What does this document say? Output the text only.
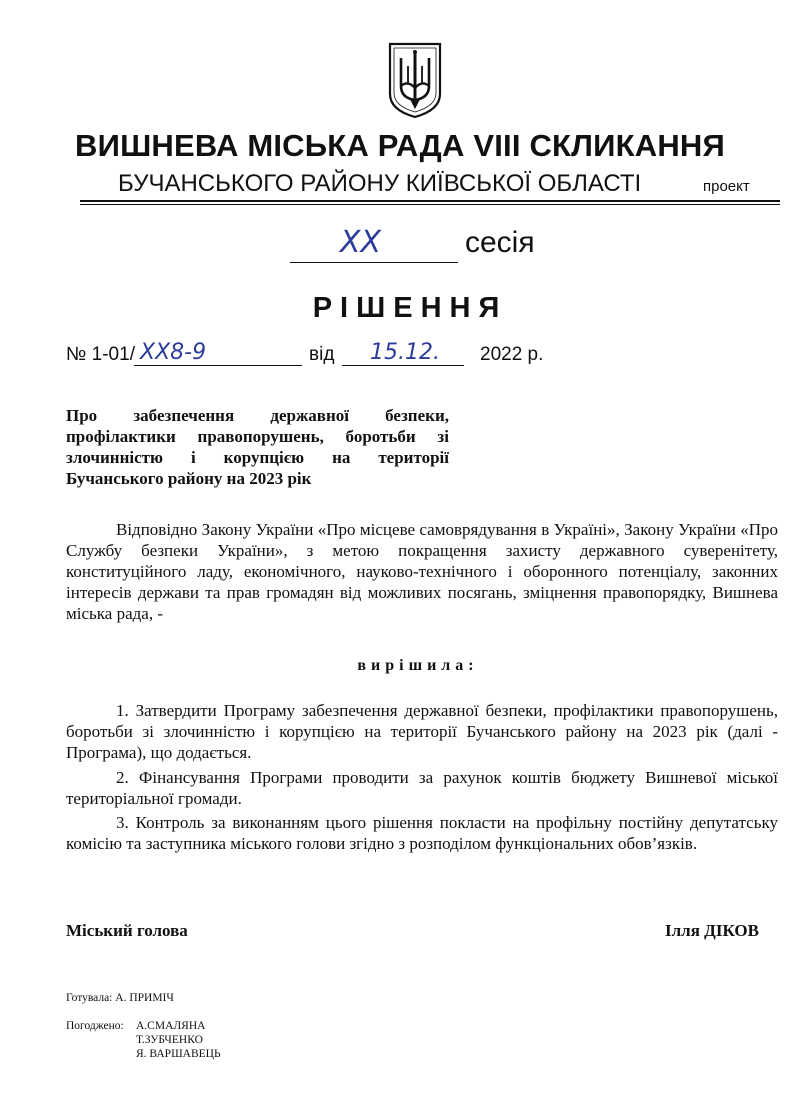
ВИШНЕВА МІСЬКА РАДА VIII СКЛИКАННЯ
БУЧАНСЬКОГО РАЙОНУ КИЇВСЬКОЇ ОБЛАСТІ	проект
XX	сесія
РІШЕННЯ
№ 1-01/ XX8-9	від 15.12. 2022 р.
Про забезпечення державної безпеки, профілактики правопорушень, боротьби зі злочинністю і корупцією на території Бучанського району на 2023 рік
Відповідно Закону України «Про місцеве самоврядування в Україні», Закону України «Про Службу безпеки України», з метою покращення захисту державного суверенітету, конституційного ладу, економічного, науково-технічного і оборонного потенціалу, законних інтересів держави та прав громадян від можливих посягань, зміцнення правопорядку, Вишнева міська рада, -
вирішила:
1. Затвердити Програму забезпечення державної безпеки, профілактики правопорушень, боротьби зі злочинністю і корупцією на території Бучанського району на 2023 рік (далі - Програма), що додається.
2. Фінансування Програми проводити за рахунок коштів бюджету Вишневої міської територіальної громади.
3. Контроль за виконанням цього рішення покласти на профільну постійну депутатську комісію та заступника міського голови згідно з розподілом функціональних обов’язків.
Міський голова	Ілля ДІКОВ
Готувала: А. ПРИМІЧ
Погоджено: А.СМАЛЯНА
Т.ЗУБЧЕНКО
Я. ВАРШАВЕЦЬ
